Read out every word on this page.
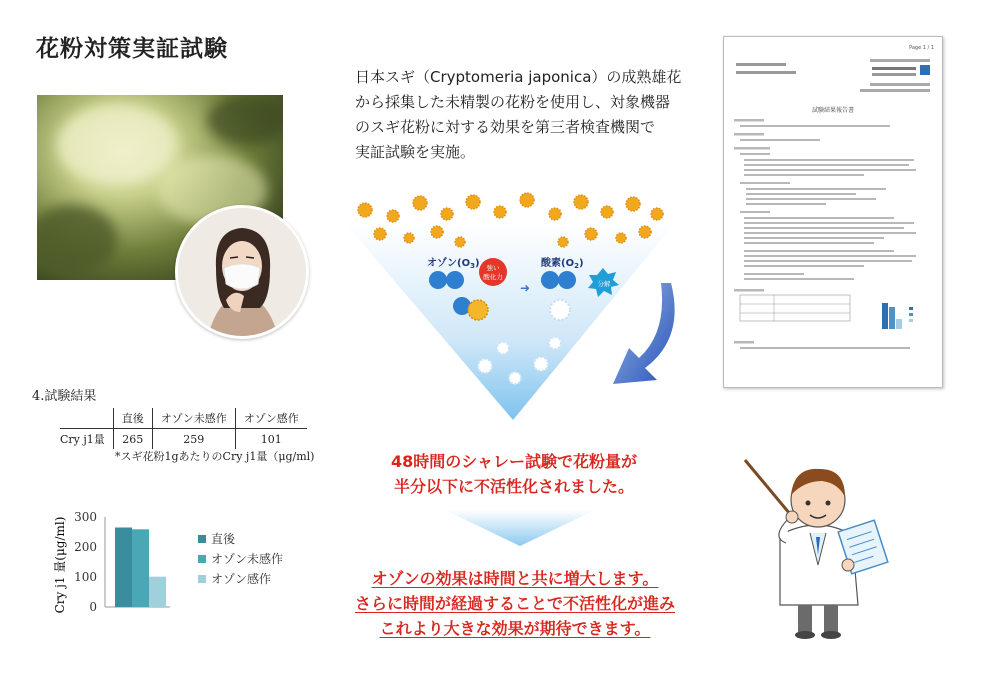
花粉対策実証試験
日本スギ（Cryptomeria japonica）の成熟雄花
から採集した未精製の花粉を使用し、対象機器
のスギ花粉に対する効果を第三者検査機関で
実証試験を実施。
オゾン$(O_3)$ 強い
酸化力
➜
酸素$(O_2)$
分解
Page 1 / 1
試験結果報告書
4.試験結果
	直後	オゾン未感作	オゾン感作
Cry j1量	265	259	101
*スギ花粉1gあたりのCry j1量（μg/ml)
Cry j1 量(μg/ml) 0
100
200
300
直後
オゾン未感作
オゾン感作
48時間のシャレー試験で花粉量が
半分以下に不活性化されました。
オゾンの効果は時間と共に増大します。
さらに時間が経過することで不活性化が進み
これより大きな効果が期待できます。
